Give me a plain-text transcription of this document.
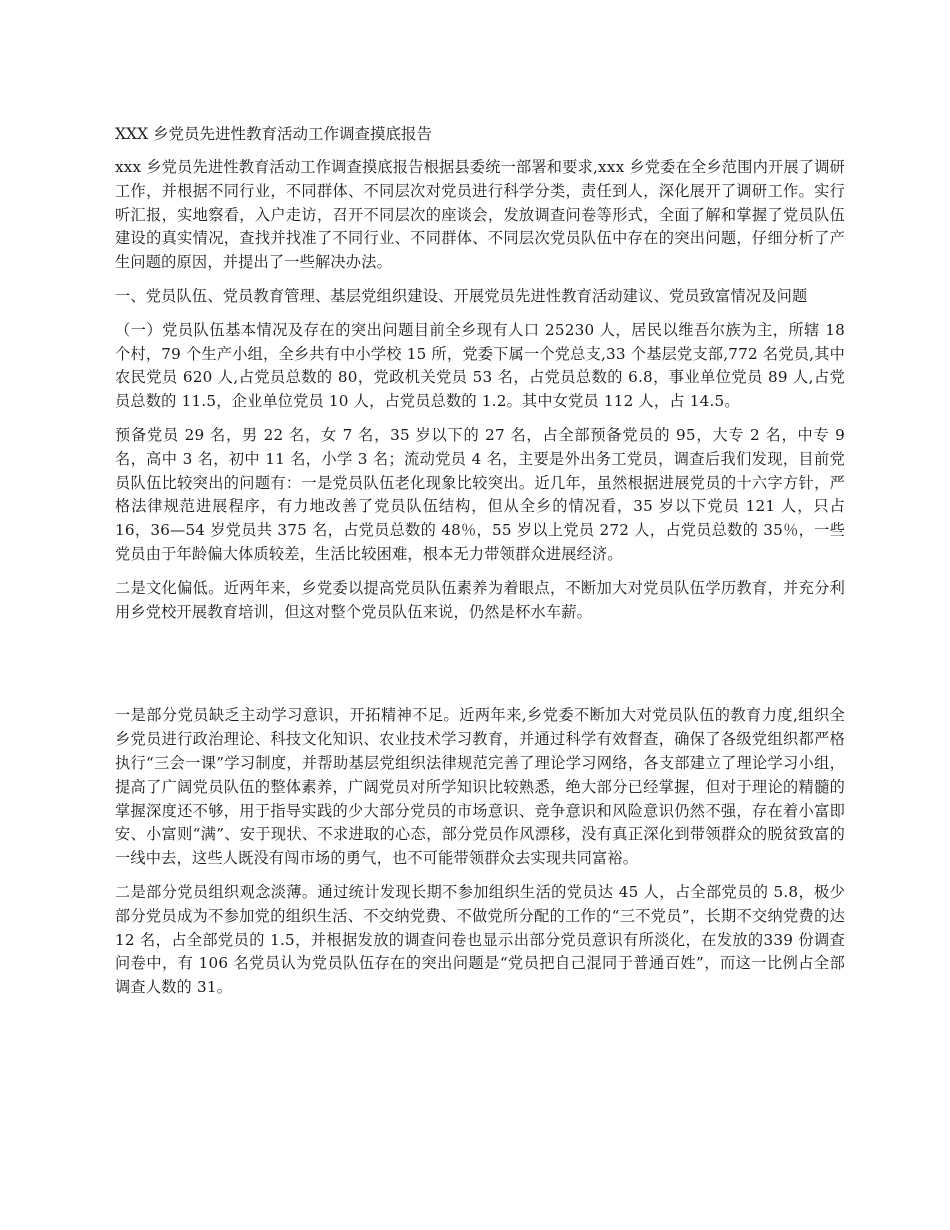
XXX 乡党员先进性教育活动工作调查摸底报告

xxx 乡党员先进性教育活动工作调查摸底报告根据县委统一部署和要求,xxx 乡党委在全乡范围内开展了调研工作，并根据不同行业，不同群体、不同层次对党员进行科学分类，责任到人，深化展开了调研工作。实行听汇报，实地察看，入户走访，召开不同层次的座谈会，发放调查问卷等形式，全面了解和掌握了党员队伍建设的真实情况，查找并找准了不同行业、不同群体、不同层次党员队伍中存在的突出问题，仔细分析了产生问题的原因，并提出了一些解决办法。

一、党员队伍、党员教育管理、基层党组织建设、开展党员先进性教育活动建议、党员致富情况及问题

（一）党员队伍基本情况及存在的突出问题目前全乡现有人口 25230 人，居民以维吾尔族为主，所辖 18 个村，79 个生产小组，全乡共有中小学校 15 所，党委下属一个党总支,33 个基层党支部,772 名党员,其中农民党员 620 人,占党员总数的 80，党政机关党员 53 名，占党员总数的 6.8，事业单位党员 89 人,占党员总数的 11.5，企业单位党员 10 人，占党员总数的 1.2。其中女党员 112 人，占 14.5。

预备党员 29 名，男 22 名，女 7 名，35 岁以下的 27 名，占全部预备党员的 95，大专 2 名，中专 9 名，高中 3 名，初中 11 名，小学 3 名；流动党员 4 名，主要是外出务工党员，调查后我们发现，目前党员队伍比较突出的问题有：一是党员队伍老化现象比较突出。近几年，虽然根据进展党员的十六字方针，严格法律规范进展程序，有力地改善了党员队伍结构，但从全乡的情况看，35 岁以下党员 121 人，只占 16，36—54 岁党员共 375 名，占党员总数的 48％，55 岁以上党员 272 人，占党员总数的 35％，一些党员由于年龄偏大体质较差，生活比较困难，根本无力带领群众进展经济。

二是文化偏低。近两年来，乡党委以提高党员队伍素养为着眼点，不断加大对党员队伍学历教育，并充分利用乡党校开展教育培训，但这对整个党员队伍来说，仍然是杯水车薪。

一是部分党员缺乏主动学习意识，开拓精神不足。近两年来,乡党委不断加大对党员队伍的教育力度,组织全乡党员进行政治理论、科技文化知识、农业技术学习教育，并通过科学有效督查，确保了各级党组织都严格执行“三会一课”学习制度，并帮助基层党组织法律规范完善了理论学习网络，各支部建立了理论学习小组，提高了广阔党员队伍的整体素养，广阔党员对所学知识比较熟悉，绝大部分已经掌握，但对于理论的精髓的掌握深度还不够，用于指导实践的少大部分党员的市场意识、竞争意识和风险意识仍然不强，存在着小富即安、小富则“满”、安于现状、不求进取的心态，部分党员作风漂移，没有真正深化到带领群众的脱贫致富的一线中去，这些人既没有闯市场的勇气，也不可能带领群众去实现共同富裕。

二是部分党员组织观念淡薄。通过统计发现长期不参加组织生活的党员达 45 人，占全部党员的 5.8，极少部分党员成为不参加党的组织生活、不交纳党费、不做党所分配的工作的“三不党员”，长期不交纳党费的达 12 名，占全部党员的 1.5，并根据发放的调查问卷也显示出部分党员意识有所淡化，在发放的339 份调查问卷中，有 106 名党员认为党员队伍存在的突出问题是“党员把自己混同于普通百姓”，而这一比例占全部调查人数的 31。
